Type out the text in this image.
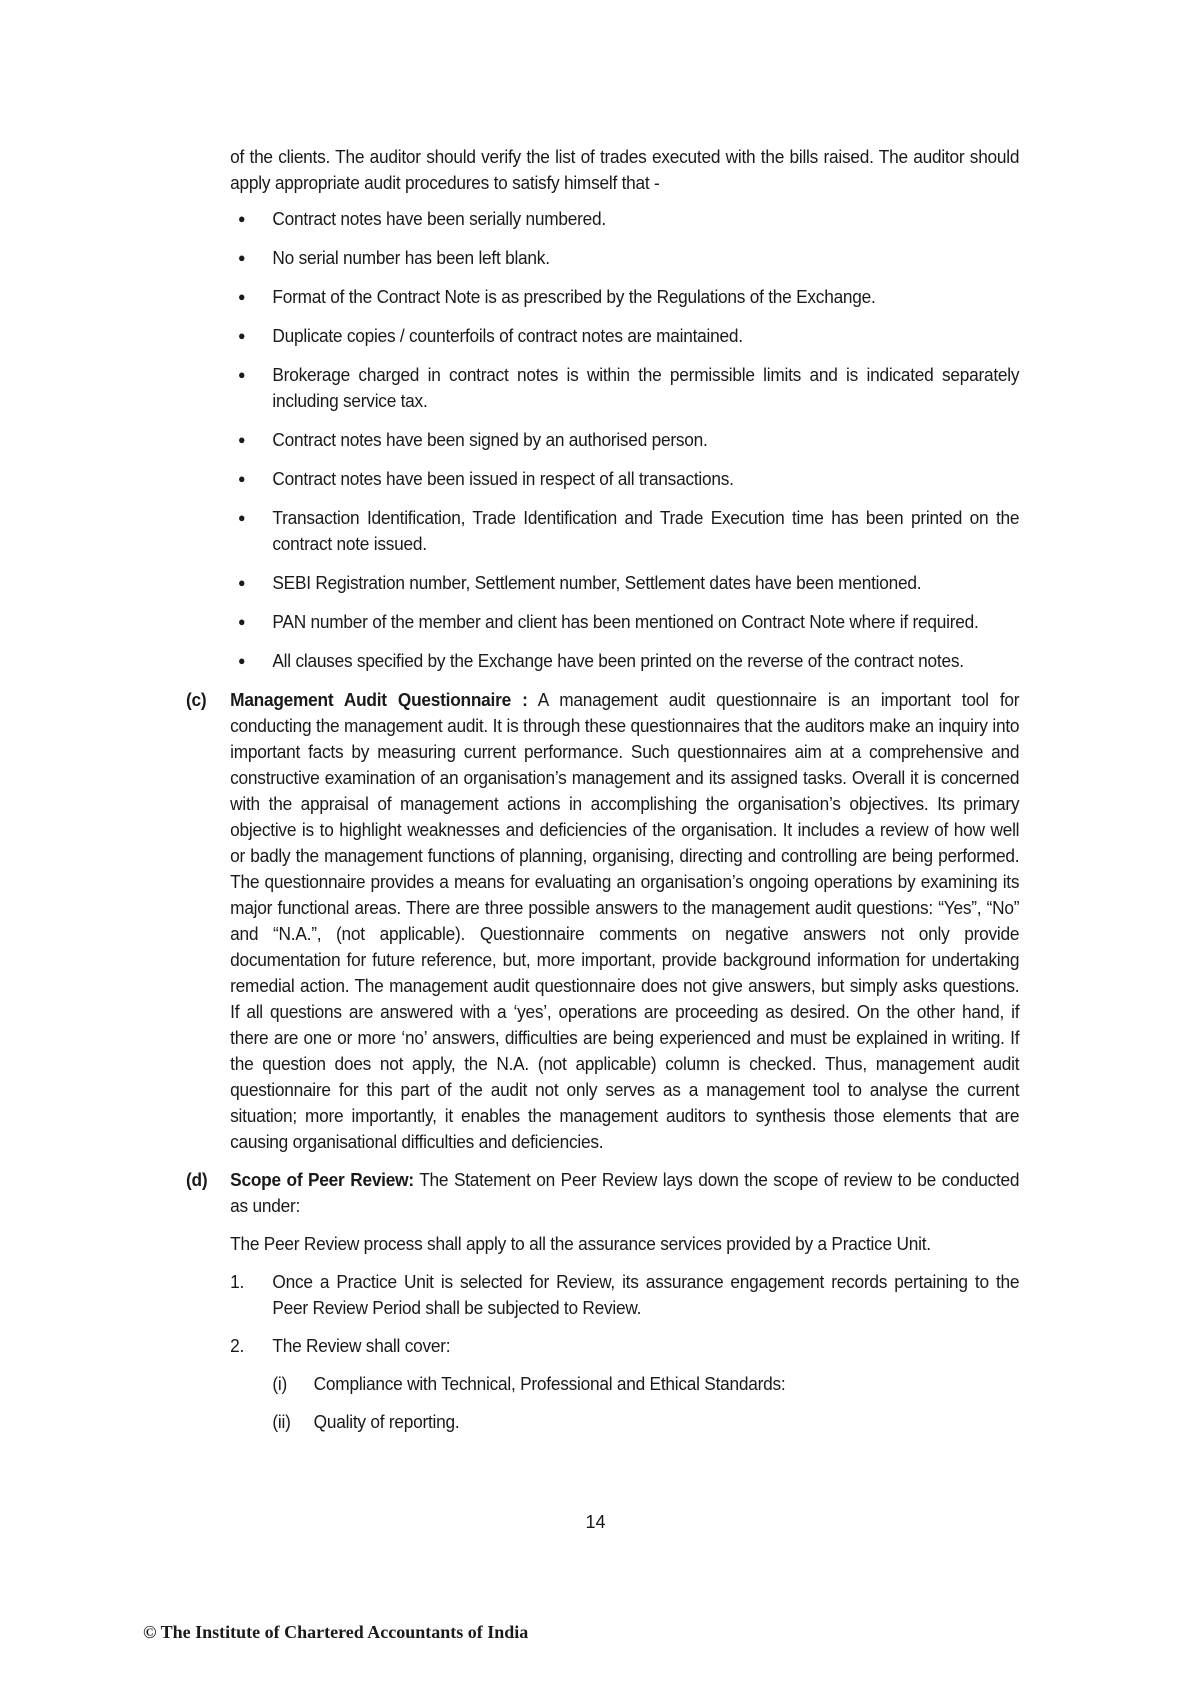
of the clients. The auditor should verify the list of trades executed with the bills raised. The auditor should apply appropriate audit procedures to satisfy himself that -

●	Contract notes have been serially numbered.
●	No serial number has been left blank.
●	Format of the Contract Note is as prescribed by the Regulations of the Exchange.
●	Duplicate copies / counterfoils of contract notes are maintained.
●	Brokerage charged in contract notes is within the permissible limits and is indicated separately including service tax.
●	Contract notes have been signed by an authorised person.
●	Contract notes have been issued in respect of all transactions.
●	Transaction Identification, Trade Identification and Trade Execution time has been printed on the contract note issued.
●	SEBI Registration number, Settlement number, Settlement dates have been mentioned.
●	PAN number of the member and client has been mentioned on Contract Note where if required.
●	All clauses specified by the Exchange have been printed on the reverse of the contract notes.
(c) Management Audit Questionnaire : A management audit questionnaire is an important tool for conducting the management audit. It is through these questionnaires that the auditors make an inquiry into important facts by measuring current performance. Such questionnaires aim at a comprehensive and constructive examination of an organisation’s management and its assigned tasks. Overall it is concerned with the appraisal of management actions in accomplishing the organisation’s objectives. Its primary objective is to highlight weaknesses and deficiencies of the organisation. It includes a review of how well or badly the management functions of planning, organising, directing and controlling are being performed. The questionnaire provides a means for evaluating an organisation’s ongoing operations by examining its major functional areas. There are three possible answers to the management audit questions: “Yes”, “No” and “N.A.”, (not applicable). Questionnaire comments on negative answers not only provide documentation for future reference, but, more important, provide background information for undertaking remedial action. The management audit questionnaire does not give answers, but simply asks questions. If all questions are answered with a ‘yes’, operations are proceeding as desired. On the other hand, if there are one or more ‘no’ answers, difficulties are being experienced and must be explained in writing. If the question does not apply, the N.A. (not applicable) column is checked. Thus, management audit questionnaire for this part of the audit not only serves as a management tool to analyse the current situation; more importantly, it enables the management auditors to synthesis those elements that are causing organisational difficulties and deficiencies.
(d) Scope of Peer Review: The Statement on Peer Review lays down the scope of review to be conducted as under:

The Peer Review process shall apply to all the assurance services provided by a Practice Unit.

1. Once a Practice Unit is selected for Review, its assurance engagement records pertaining to the Peer Review Period shall be subjected to Review.
2. The Review shall cover:
(i) Compliance with Technical, Professional and Ethical Standards:
(ii) Quality of reporting.
14
© The Institute of Chartered Accountants of India
